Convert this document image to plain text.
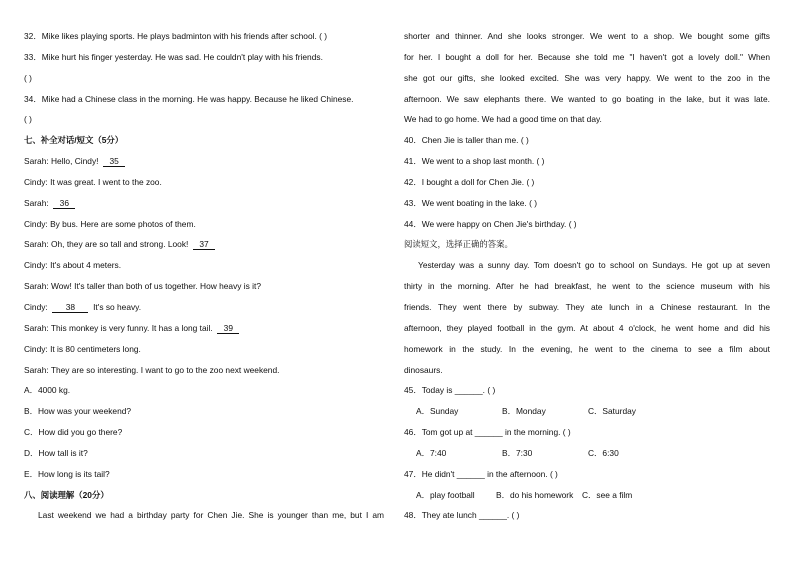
32．Mike likes playing sports. He plays badminton with his friends after school. ( )
33．Mike hurt his finger yesterday. He was sad. He couldn't play with his friends.
( )
34．Mike had a Chinese class in the morning. He was happy. Because he liked Chinese.
( )
七、补全对话/短文（5分）
Sarah: Hello, Cindy! 35
Cindy: It was great. I went to the zoo.
Sarah: 36
Cindy: By bus. Here are some photos of them.
Sarah: Oh, they are so tall and strong. Look! 37
Cindy: It's about 4 meters.
Sarah: Wow! It's taller than both of us together. How heavy is it?
Cindy: 38 It's so heavy.
Sarah: This monkey is very funny. It has a long tail. 39
Cindy: It is 80 centimeters long.
Sarah: They are so interesting. I want to go to the zoo next weekend.
A．4000 kg.
B．How was your weekend?
C．How did you go there?
D．How tall is it?
E．How long is its tail?
八、阅读理解（20分）
Last weekend we had a birthday party for Chen Jie. She is younger than me, but I am
shorter and thinner. And she looks stronger. We went to a shop. We bought some gifts
for her. I bought a doll for her. Because she told me "I haven't got a lovely doll." When
she got our gifts, she looked excited. She was very happy. We went to the zoo in the
afternoon. We saw elephants there. We wanted to go boating in the lake, but it was late.
We had to go home. We had a good time on that day.
40．Chen Jie is taller than me. ( )
41．We went to a shop last month. ( )
42．I bought a doll for Chen Jie. ( )
43．We went boating in the lake. ( )
44．We were happy on Chen Jie's birthday. ( )
阅读短文，选择正确的答案。
Yesterday was a sunny day. Tom doesn't go to school on Sundays. He got up at seven
thirty in the morning. After he had breakfast, he went to the science museum with his
friends. They went there by subway. They ate lunch in a Chinese restaurant. In the
afternoon, they played football in the gym. At about 4 o'clock, he went home and did his
homework in the study. In the evening, he went to the cinema to see a film about
dinosaurs.
45．Today is ______. ( )
A．Sunday	B．Monday	C．Saturday
46．Tom got up at ______ in the morning. ( )
A．7:40	B．7:30	C．6:30
47．He didn't ______ in the afternoon. ( )
A．play football	B．do his homework C．see a film
48．They ate lunch ______. ( )
